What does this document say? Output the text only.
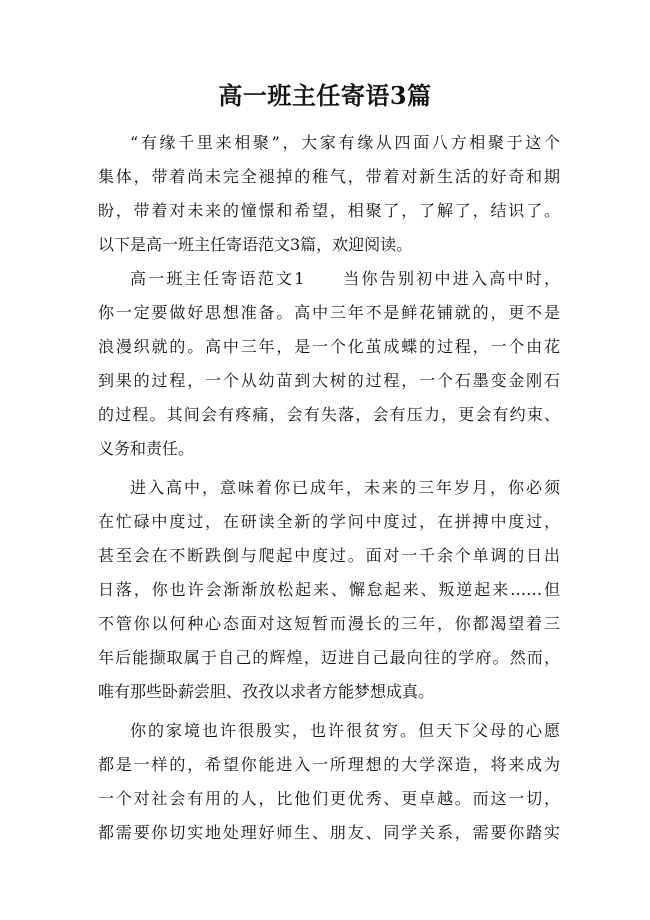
高一班主任寄语3篇
“有缘千里来相聚”，大家有缘从四面八方相聚于这个
集体，带着尚未完全褪掉的稚气，带着对新生活的好奇和期
盼，带着对未来的憧憬和希望，相聚了，了解了，结识了。
以下是高一班主任寄语范文3篇，欢迎阅读。
高一班主任寄语范文1　　当你告别初中进入高中时，
你一定要做好思想准备。高中三年不是鲜花铺就的，更不是
浪漫织就的。高中三年，是一个化茧成蝶的过程，一个由花
到果的过程，一个从幼苗到大树的过程，一个石墨变金刚石
的过程。其间会有疼痛，会有失落，会有压力，更会有约束、
义务和责任。
进入高中，意味着你已成年，未来的三年岁月，你必须
在忙碌中度过，在研读全新的学问中度过，在拼搏中度过，
甚至会在不断跌倒与爬起中度过。面对一千余个单调的日出
日落，你也许会渐渐放松起来、懈怠起来、叛逆起来……但
不管你以何种心态面对这短暂而漫长的三年，你都渴望着三
年后能撷取属于自己的辉煌，迈进自己最向往的学府。然而，
唯有那些卧薪尝胆、孜孜以求者方能梦想成真。
你的家境也许很殷实，也许很贫穷。但天下父母的心愿
都是一样的，希望你能进入一所理想的大学深造，将来成为
一个对社会有用的人，比他们更优秀、更卓越。而这一切，
都需要你切实地处理好师生、朋友、同学关系，需要你踏实
